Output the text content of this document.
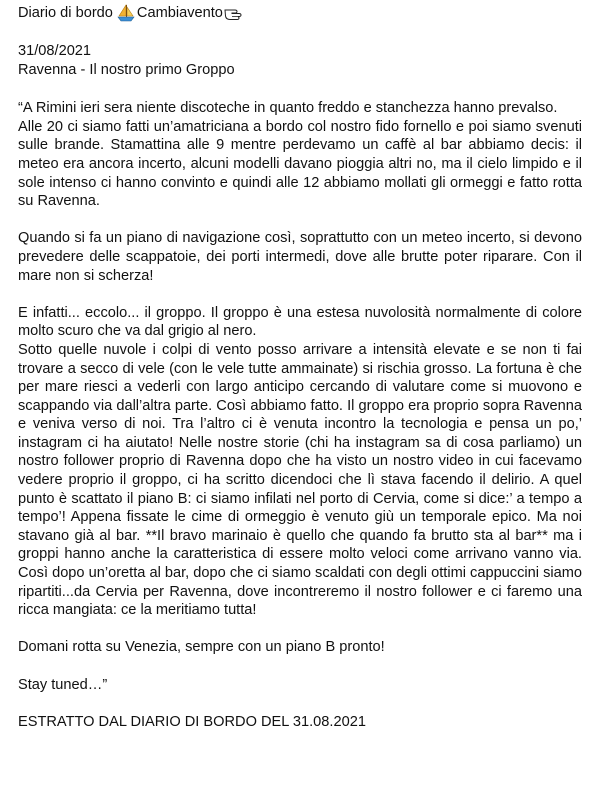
Diario di bordo Cambiavento

31/08/2021

Ravenna - Il nostro primo Groppo

“A Rimini ieri sera niente discoteche in quanto freddo e stanchezza hanno prevalso.

Alle 20 ci siamo fatti un’amatriciana a bordo col nostro fido fornello e poi siamo svenuti sulle brande. Stamattina alle 9 mentre perdevamo un caffè al bar abbiamo decis: il meteo era ancora incerto, alcuni modelli davano pioggia altri no, ma il cielo limpido e il sole intenso ci hanno convinto e quindi alle 12 abbiamo mollati gli ormeggi e fatto rotta su Ravenna.

Quando si fa un piano di navigazione così, soprattutto con un meteo incerto, si devono prevedere delle scappatoie, dei porti intermedi, dove alle brutte poter riparare. Con il mare non si scherza!

E infatti... eccolo... il groppo. Il groppo è una estesa nuvolosità normalmente di colore molto scuro che va dal grigio al nero.

Sotto quelle nuvole i colpi di vento posso arrivare a intensità elevate e se non ti fai trovare a secco di vele (con le vele tutte ammainate) si rischia grosso. La fortuna è che per mare riesci a vederli con largo anticipo cercando di valutare come si muovono e scappando via dall’altra parte. Così abbiamo fatto. Il groppo era proprio sopra Ravenna e veniva verso di noi. Tra l’altro ci è venuta incontro la tecnologia e pensa un po,’ instagram ci ha aiutato! Nelle nostre storie (chi ha instagram sa di cosa parliamo) un nostro follower proprio di Ravenna dopo che ha visto un nostro video in cui facevamo vedere proprio il groppo, ci ha scritto dicendoci che lì stava facendo il delirio. A quel punto è scattato il piano B: ci siamo infilati nel porto di Cervia, come si dice:’ a tempo a tempo’! Appena fissate le cime di ormeggio è venuto giù un temporale epico. Ma noi stavano già al bar. **Il bravo marinaio è quello che quando fa brutto sta al bar** ma i groppi hanno anche la caratteristica di essere molto veloci come arrivano vanno via. Così dopo un’oretta al bar, dopo che ci siamo scaldati con degli ottimi cappuccini siamo ripartiti...da Cervia per Ravenna, dove incontreremo il nostro follower e ci faremo una ricca mangiata: ce la meritiamo tutta!

Domani rotta su Venezia, sempre con un piano B pronto!

Stay tuned…”

ESTRATTO DAL DIARIO DI BORDO DEL 31.08.2021
